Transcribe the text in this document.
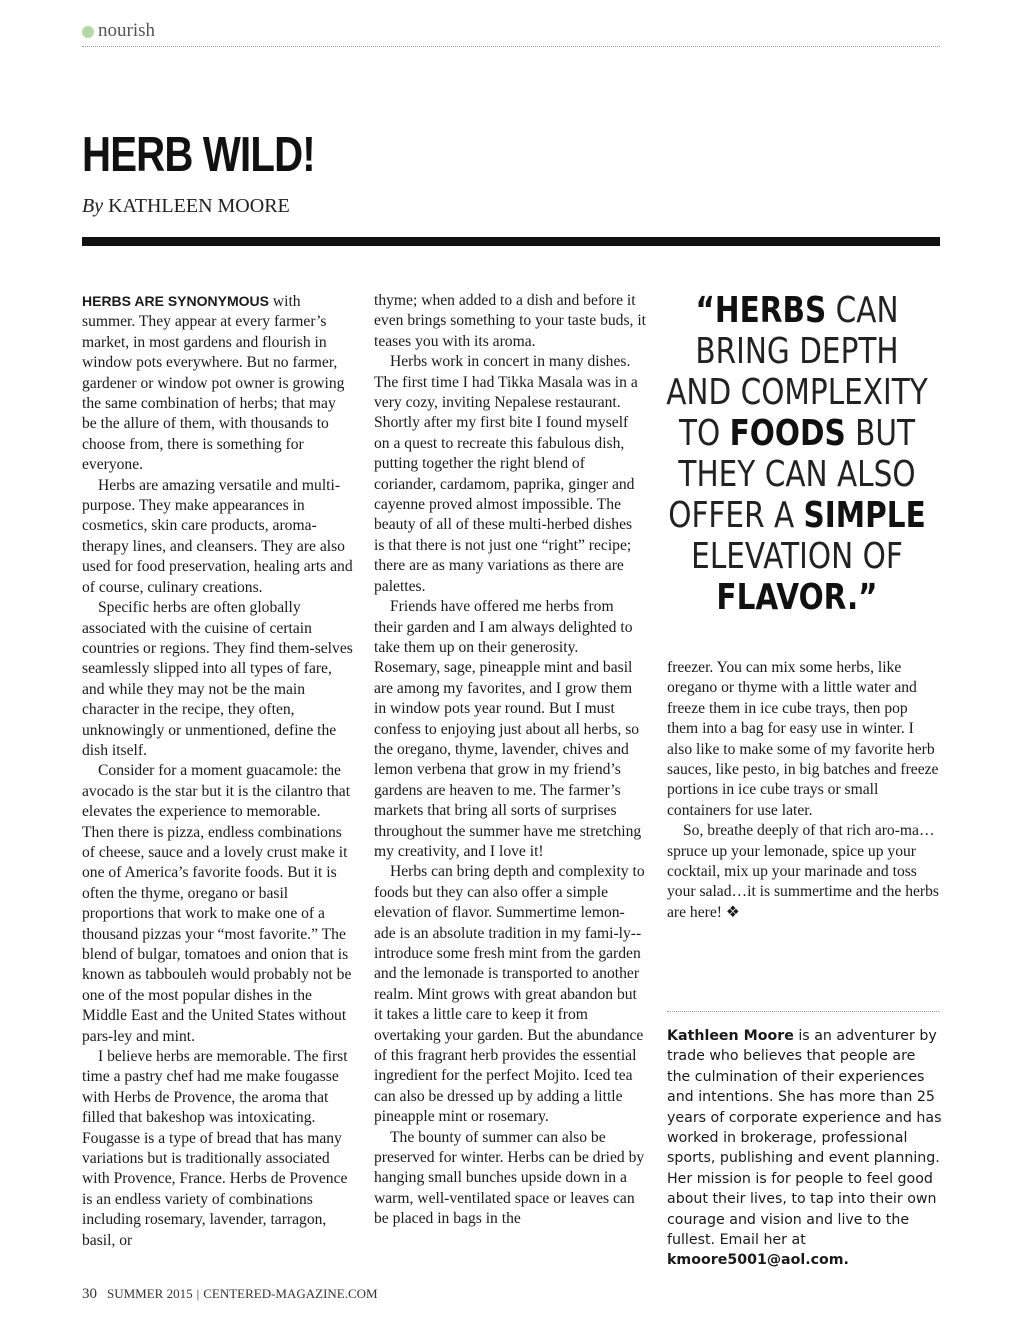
nourish
HERB WILD!
By KATHLEEN MOORE

HERBS ARE SYNONYMOUS with summer. They appear at every farmer’s market, in most gardens and flourish in window pots everywhere. But no farmer, gardener or window pot owner is growing the same combination of herbs; that may be the allure of them, with thousands to choose from, there is something for everyone.

Herbs are amazing versatile and multi-purpose. They make appearances in cosmetics, skin care products, aroma-therapy lines, and cleansers. They are also used for food preservation, healing arts and of course, culinary creations.

Specific herbs are often globally associated with the cuisine of certain countries or regions. They find them-selves seamlessly slipped into all types of fare, and while they may not be the main character in the recipe, they often, unknowingly or unmentioned, define the dish itself.

Consider for a moment guacamole: the avocado is the star but it is the cilantro that elevates the experience to memorable. Then there is pizza, endless combinations of cheese, sauce and a lovely crust make it one of America’s favorite foods. But it is often the thyme, oregano or basil proportions that work to make one of a thousand pizzas your “most favorite.” The blend of bulgar, tomatoes and onion that is known as tabbouleh would probably not be one of the most popular dishes in the Middle East and the United States without pars-ley and mint.

I believe herbs are memorable. The first time a pastry chef had me make fougasse with Herbs de Provence, the aroma that filled that bakeshop was intoxicating. Fougasse is a type of bread that has many variations but is traditionally associated with Provence, France. Herbs de Provence is an endless variety of combinations including rosemary, lavender, tarragon, basil, or

thyme; when added to a dish and before it even brings something to your taste buds, it teases you with its aroma.

Herbs work in concert in many dishes. The first time I had Tikka Masala was in a very cozy, inviting Nepalese restaurant. Shortly after my first bite I found myself on a quest to recreate this fabulous dish, putting together the right blend of coriander, cardamom, paprika, ginger and cayenne proved almost impossible. The beauty of all of these multi-herbed dishes is that there is not just one “right” recipe; there are as many variations as there are palettes.

Friends have offered me herbs from their garden and I am always delighted to take them up on their generosity. Rosemary, sage, pineapple mint and basil are among my favorites, and I grow them in window pots year round. But I must confess to enjoying just about all herbs, so the oregano, thyme, lavender, chives and lemon verbena that grow in my friend’s gardens are heaven to me. The farmer’s markets that bring all sorts of surprises throughout the summer have me stretching my creativity, and I love it!

Herbs can bring depth and complexity to foods but they can also offer a simple elevation of flavor. Summertime lemon-ade is an absolute tradition in my fami-ly--introduce some fresh mint from the garden and the lemonade is transported to another realm. Mint grows with great abandon but it takes a little care to keep it from overtaking your garden. But the abundance of this fragrant herb provides the essential ingredient for the perfect Mojito. Iced tea can also be dressed up by adding a little pineapple mint or rosemary.

The bounty of summer can also be preserved for winter. Herbs can be dried by hanging small bunches upside down in a warm, well-ventilated space or leaves can be placed in bags in the

“HERBS CAN BRING DEPTH AND COMPLEXITY TO FOODS BUT THEY CAN ALSO OFFER A SIMPLE ELEVATION OF FLAVOR.”

freezer. You can mix some herbs, like oregano or thyme with a little water and freeze them in ice cube trays, then pop them into a bag for easy use in winter. I also like to make some of my favorite herb sauces, like pesto, in big batches and freeze portions in ice cube trays or small containers for use later.

So, breathe deeply of that rich aro-ma…spruce up your lemonade, spice up your cocktail, mix up your marinade and toss your salad…it is summertime and the herbs are here! ❖

Kathleen Moore is an adventurer by trade who believes that people are the culmination of their experiences and intentions. She has more than 25 years of corporate experience and has worked in brokerage, professional sports, publishing and event planning. Her mission is for people to feel good about their lives, to tap into their own courage and vision and live to the fullest. Email her at kmoore5001@aol.com.
30 SUMMER 2015 | CENTERED-MAGAZINE.COM
